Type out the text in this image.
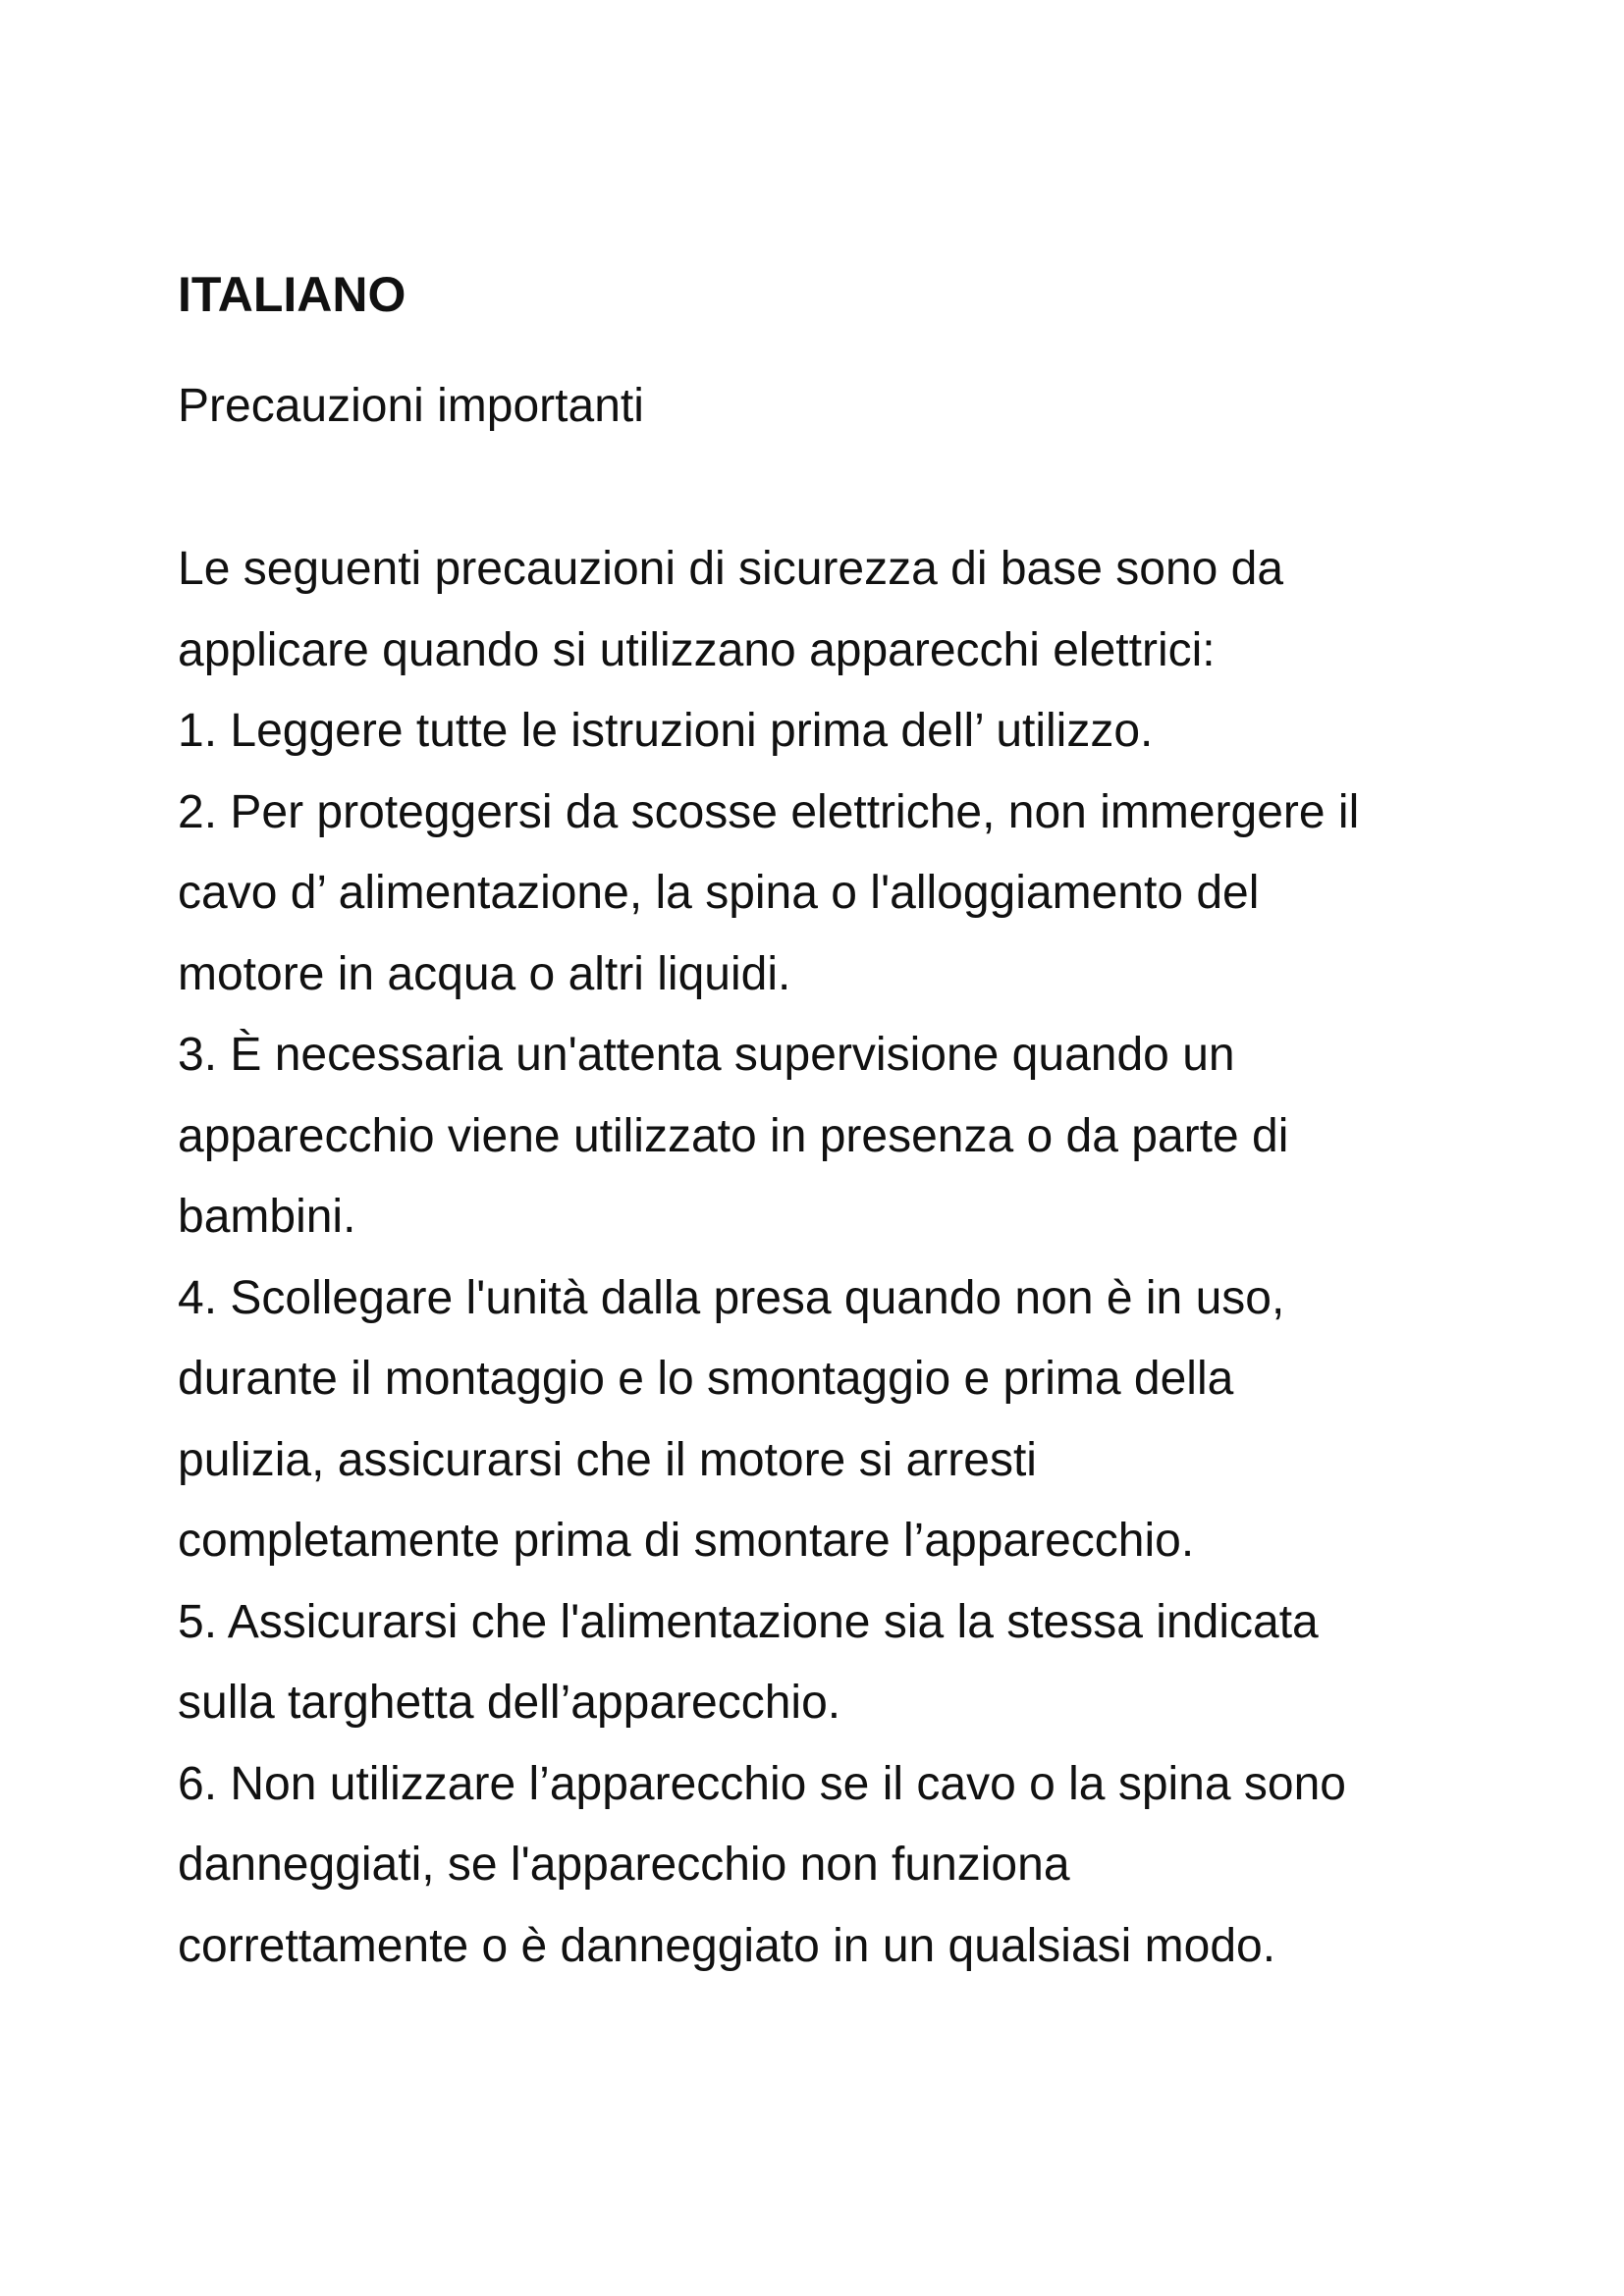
ITALIANO
Precauzioni importanti
Le seguenti precauzioni di sicurezza di base sono da
applicare quando si utilizzano apparecchi elettrici:
1. Leggere tutte le istruzioni prima dell’ utilizzo.
2. Per proteggersi da scosse elettriche, non immergere il
cavo d’ alimentazione, la spina o l'alloggiamento del
motore in acqua o altri liquidi.
3. È necessaria un'attenta supervisione quando un
apparecchio viene utilizzato in presenza o da parte di
bambini.
4. Scollegare l'unità dalla presa quando non è in uso,
durante il montaggio e lo smontaggio e prima della
pulizia, assicurarsi che il motore si arresti
completamente prima di smontare l’apparecchio.
5. Assicurarsi che l'alimentazione sia la stessa indicata
sulla targhetta dell’apparecchio.
6. Non utilizzare l’apparecchio se il cavo o la spina sono
danneggiati, se l'apparecchio non funziona
correttamente o è danneggiato in un qualsiasi modo.
